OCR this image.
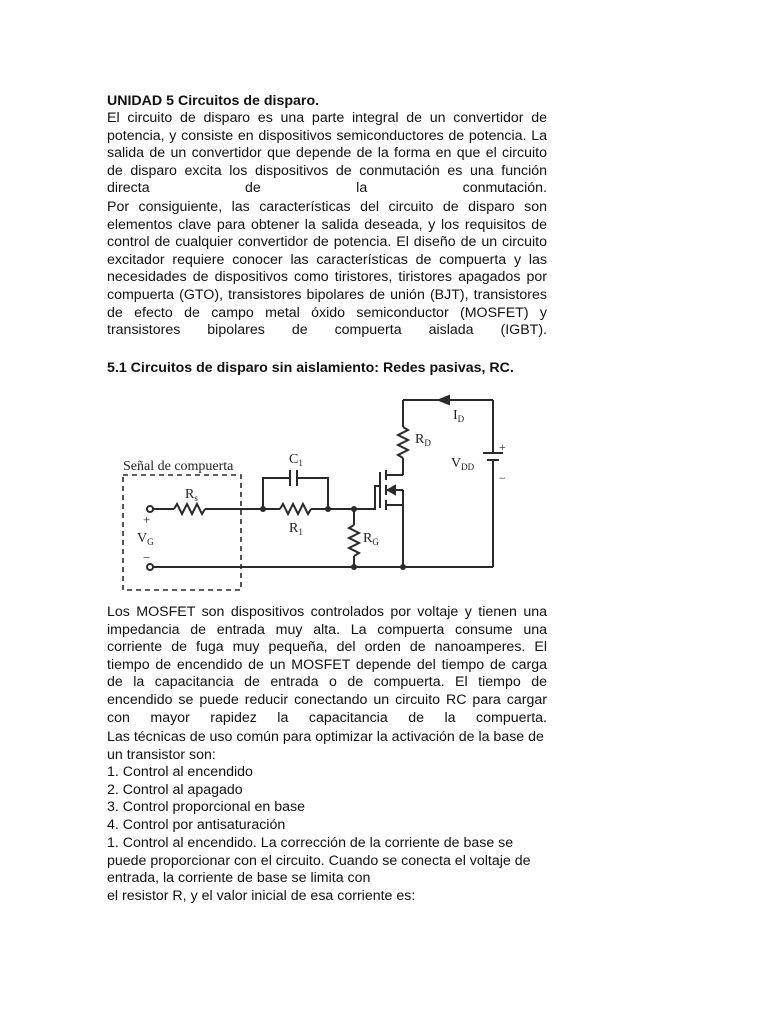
UNIDAD 5 Circuitos de disparo.

El circuito de disparo es una parte integral de un convertidor de potencia, y consiste en dispositivos semiconductores de potencia. La salida de un convertidor que depende de la forma en que el circuito de disparo excita los dispositivos de conmutación es una función directa de la conmutación.

Por consiguiente, las características del circuito de disparo son elementos clave para obtener la salida deseada, y los requisitos de control de cualquier convertidor de potencia. El diseño de un circuito excitador requiere conocer las características de compuerta y las necesidades de dispositivos como tiristores, tiristores apagados por compuerta (GTO), transistores bipolares de unión (BJT), transistores de efecto de campo metal óxido semiconductor (MOSFET) y transistores bipolares de compuerta aislada (IGBT).

5.1 Circuitos de disparo sin aislamiento: Redes pasivas, RC.

Señal de compuerta	$C_1$
$R_s$
$R_1$	$R_G$
$R_D$
$I_D$
$V_{DD}$
+
−
+
$V_G$
−

Los MOSFET son dispositivos controlados por voltaje y tienen una impedancia de entrada muy alta. La compuerta consume una corriente de fuga muy pequeña, del orden de nanoamperes. El tiempo de encendido de un MOSFET depende del tiempo de carga de la capacitancia de entrada o de compuerta. El tiempo de encendido se puede reducir conectando un circuito RC para cargar con mayor rapidez la capacitancia de la compuerta.

Las técnicas de uso común para optimizar la activación de la base de un transistor son:

1. Control al encendido
2. Control al apagado
3. Control proporcional en base
4. Control por antisaturación

1. Control al encendido. La corrección de la corriente de base se puede proporcionar con el circuito. Cuando se conecta el voltaje de entrada, la corriente de base se limita con

el resistor R, y el valor inicial de esa corriente es:
